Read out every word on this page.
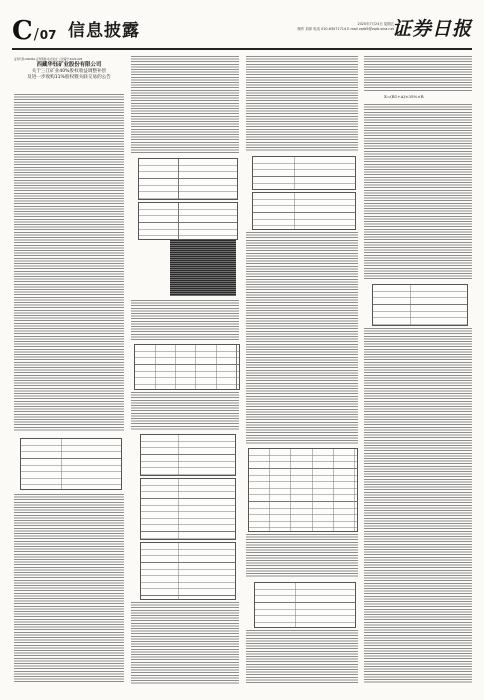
C / 07 信息披露	2020年7月24日 星期五
制作 刘萍 电话 010-63071714 E-mail zqrb9@zqrb.sina.net
证券日报
证券代码:000962 证券简称:东方钽业 公告编号:2020-028
西藏华钰矿业股份有限公司
关于三江矿业40%股权收益调整补偿
及进一步收购11%股权暨关联交易的公告
X=(B1+A)×35%×R
